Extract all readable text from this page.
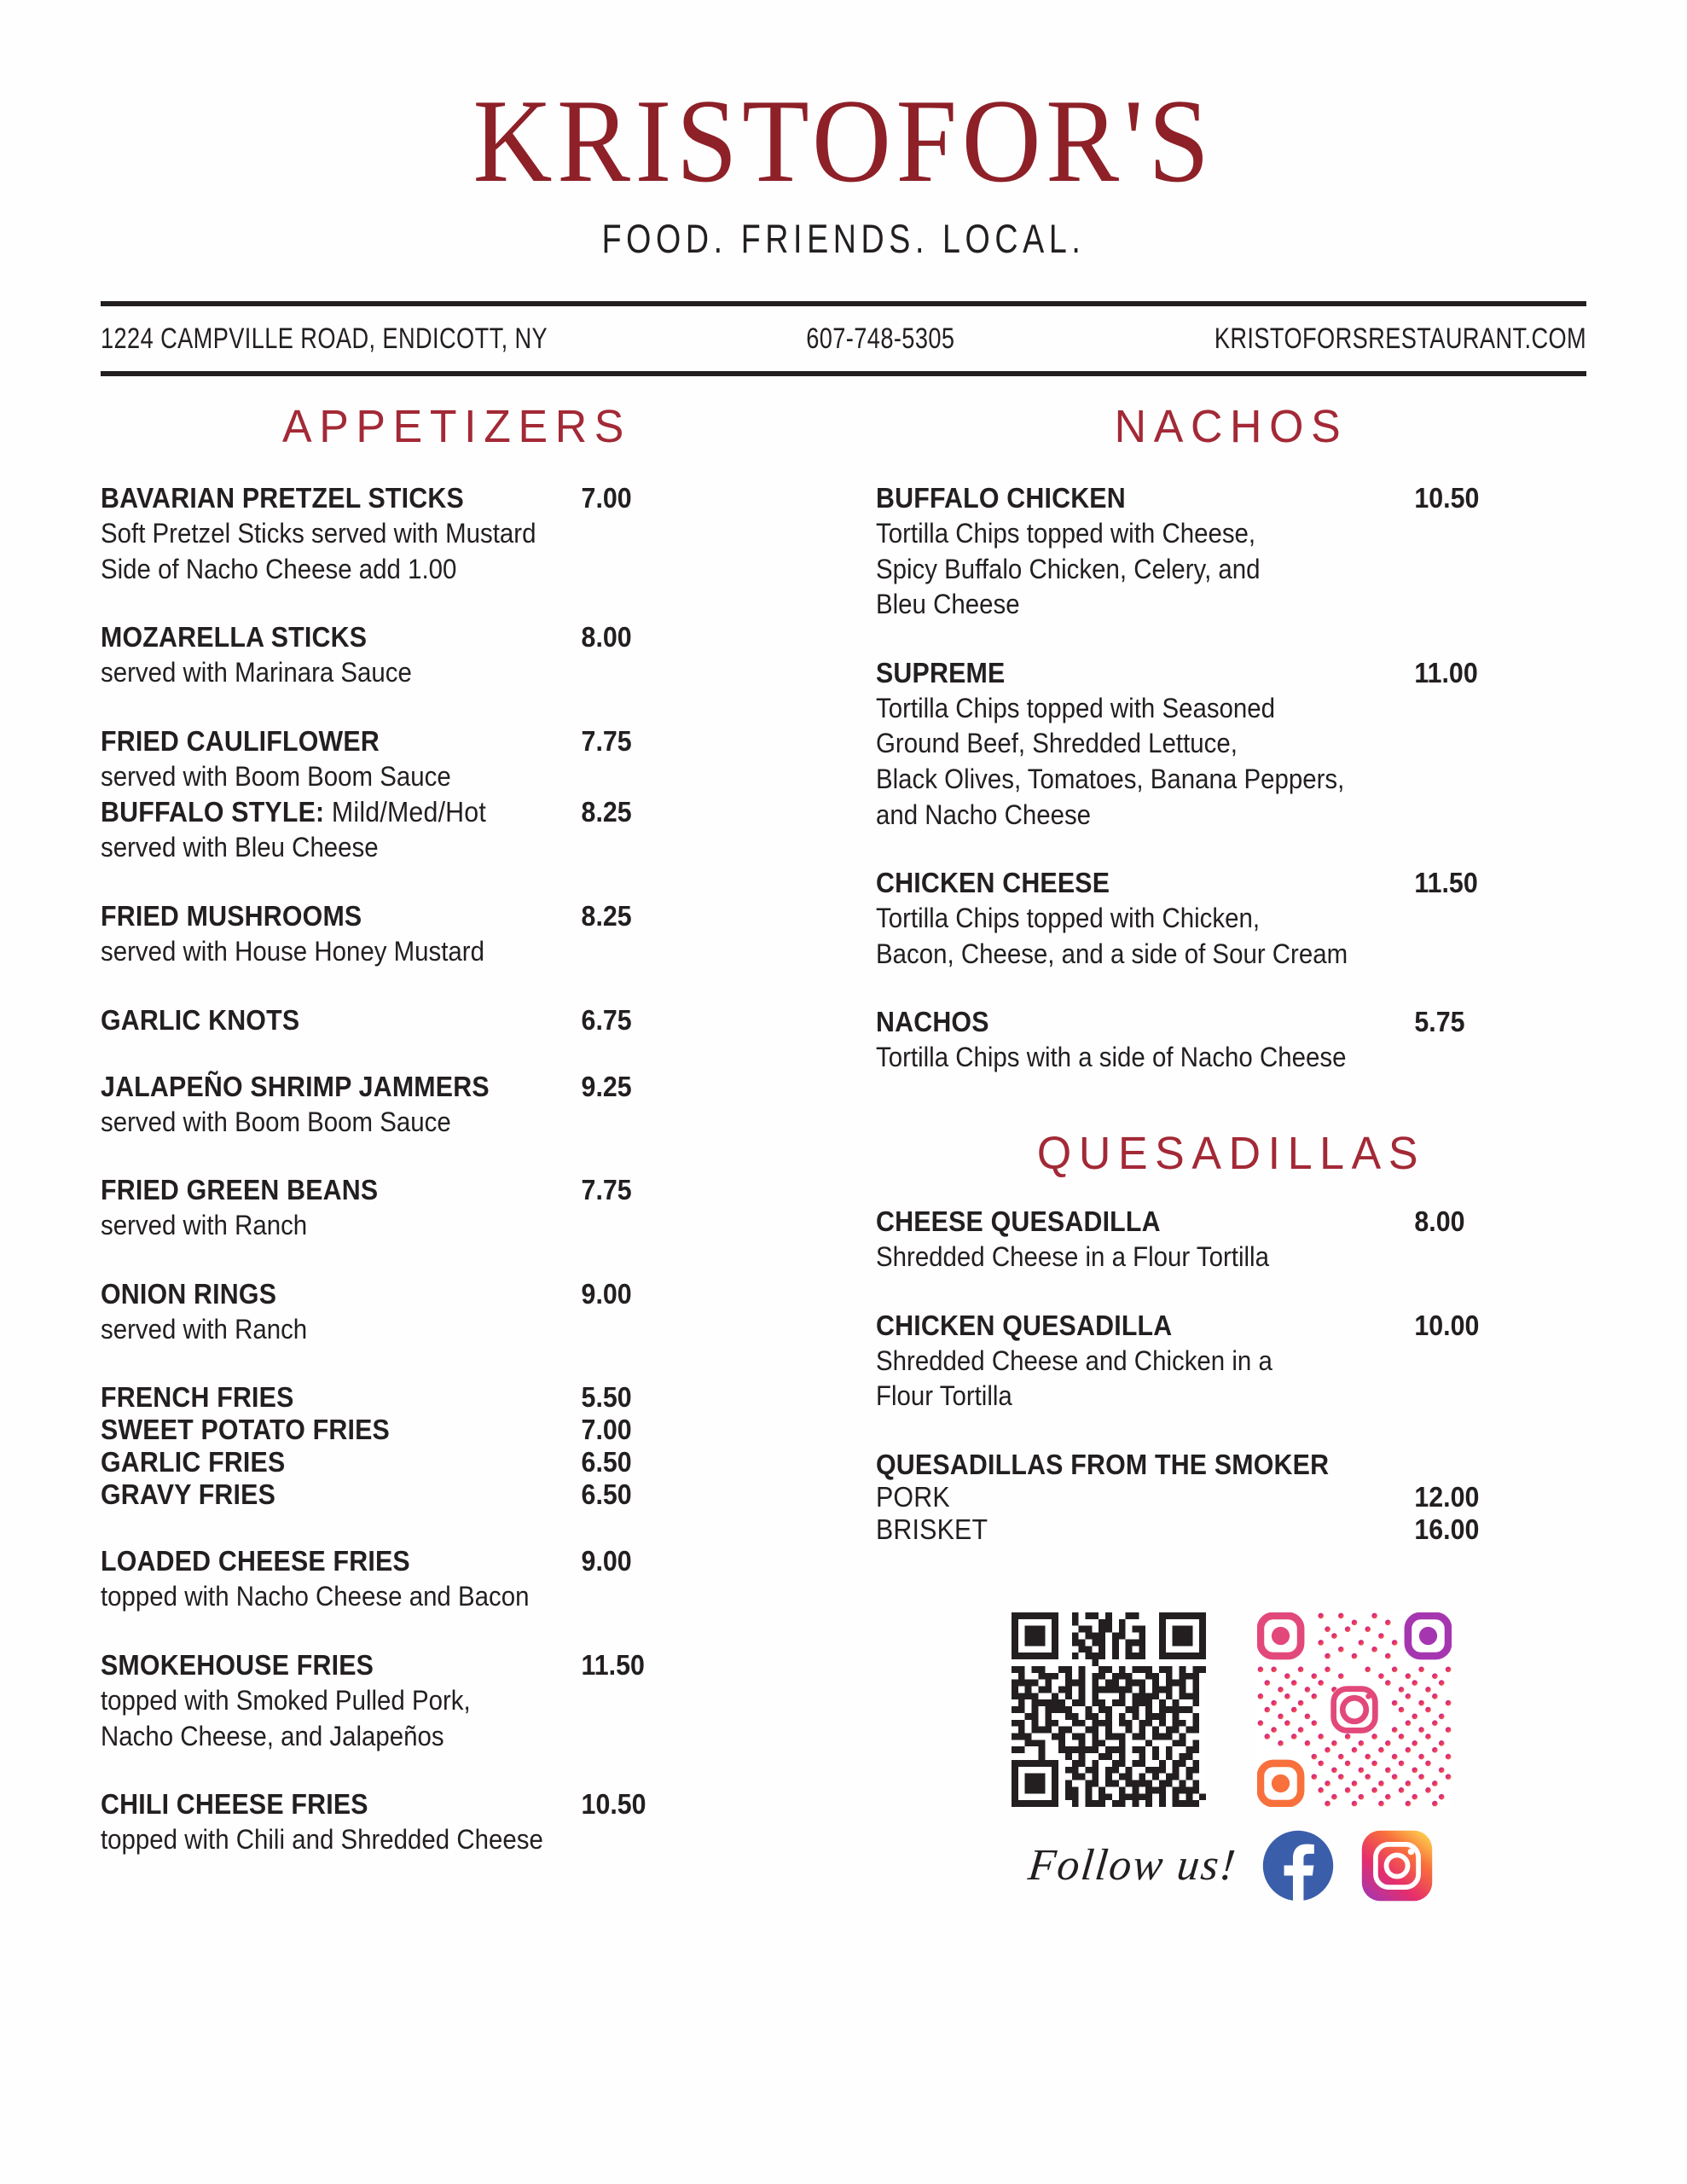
KRISTOFOR'S
FOOD. FRIENDS. LOCAL.
1224 CAMPVILLE ROAD, ENDICOTT, NY	607-748-5305	KRISTOFORSRESTAURANT.COM
APPETIZERS
BAVARIAN PRETZEL STICKS	7.00
Soft Pretzel Sticks served with Mustard
Side of Nacho Cheese add 1.00
MOZARELLA STICKS	8.00
served with Marinara Sauce
FRIED CAULIFLOWER	7.75
served with Boom Boom Sauce
BUFFALO STYLE: Mild/Med/Hot	8.25
served with Bleu Cheese
FRIED MUSHROOMS	8.25
served with House Honey Mustard
GARLIC KNOTS	6.75
JALAPEÑO SHRIMP JAMMERS	9.25
served with Boom Boom Sauce
FRIED GREEN BEANS	7.75
served with Ranch
ONION RINGS	9.00
served with Ranch
FRENCH FRIES	5.50
SWEET POTATO FRIES	7.00
GARLIC FRIES	6.50
GRAVY FRIES	6.50
LOADED CHEESE FRIES	9.00
topped with Nacho Cheese and Bacon
SMOKEHOUSE FRIES	11.50
topped with Smoked Pulled Pork,
Nacho Cheese, and Jalapeños
CHILI CHEESE FRIES	10.50
topped with Chili and Shredded Cheese
NACHOS
BUFFALO CHICKEN	10.50
Tortilla Chips topped with Cheese,
Spicy Buffalo Chicken, Celery, and
Bleu Cheese
SUPREME	11.00
Tortilla Chips topped with Seasoned
Ground Beef, Shredded Lettuce,
Black Olives, Tomatoes, Banana Peppers,
and Nacho Cheese
CHICKEN CHEESE	11.50
Tortilla Chips topped with Chicken,
Bacon, Cheese, and a side of Sour Cream
NACHOS	5.75
Tortilla Chips with a side of Nacho Cheese
QUESADILLAS
CHEESE QUESADILLA	8.00
Shredded Cheese in a Flour Tortilla
CHICKEN QUESADILLA	10.00
Shredded Cheese and Chicken in a
Flour Tortilla
QUESADILLAS FROM THE SMOKER
PORK	12.00
BRISKET	16.00
Follow us!
